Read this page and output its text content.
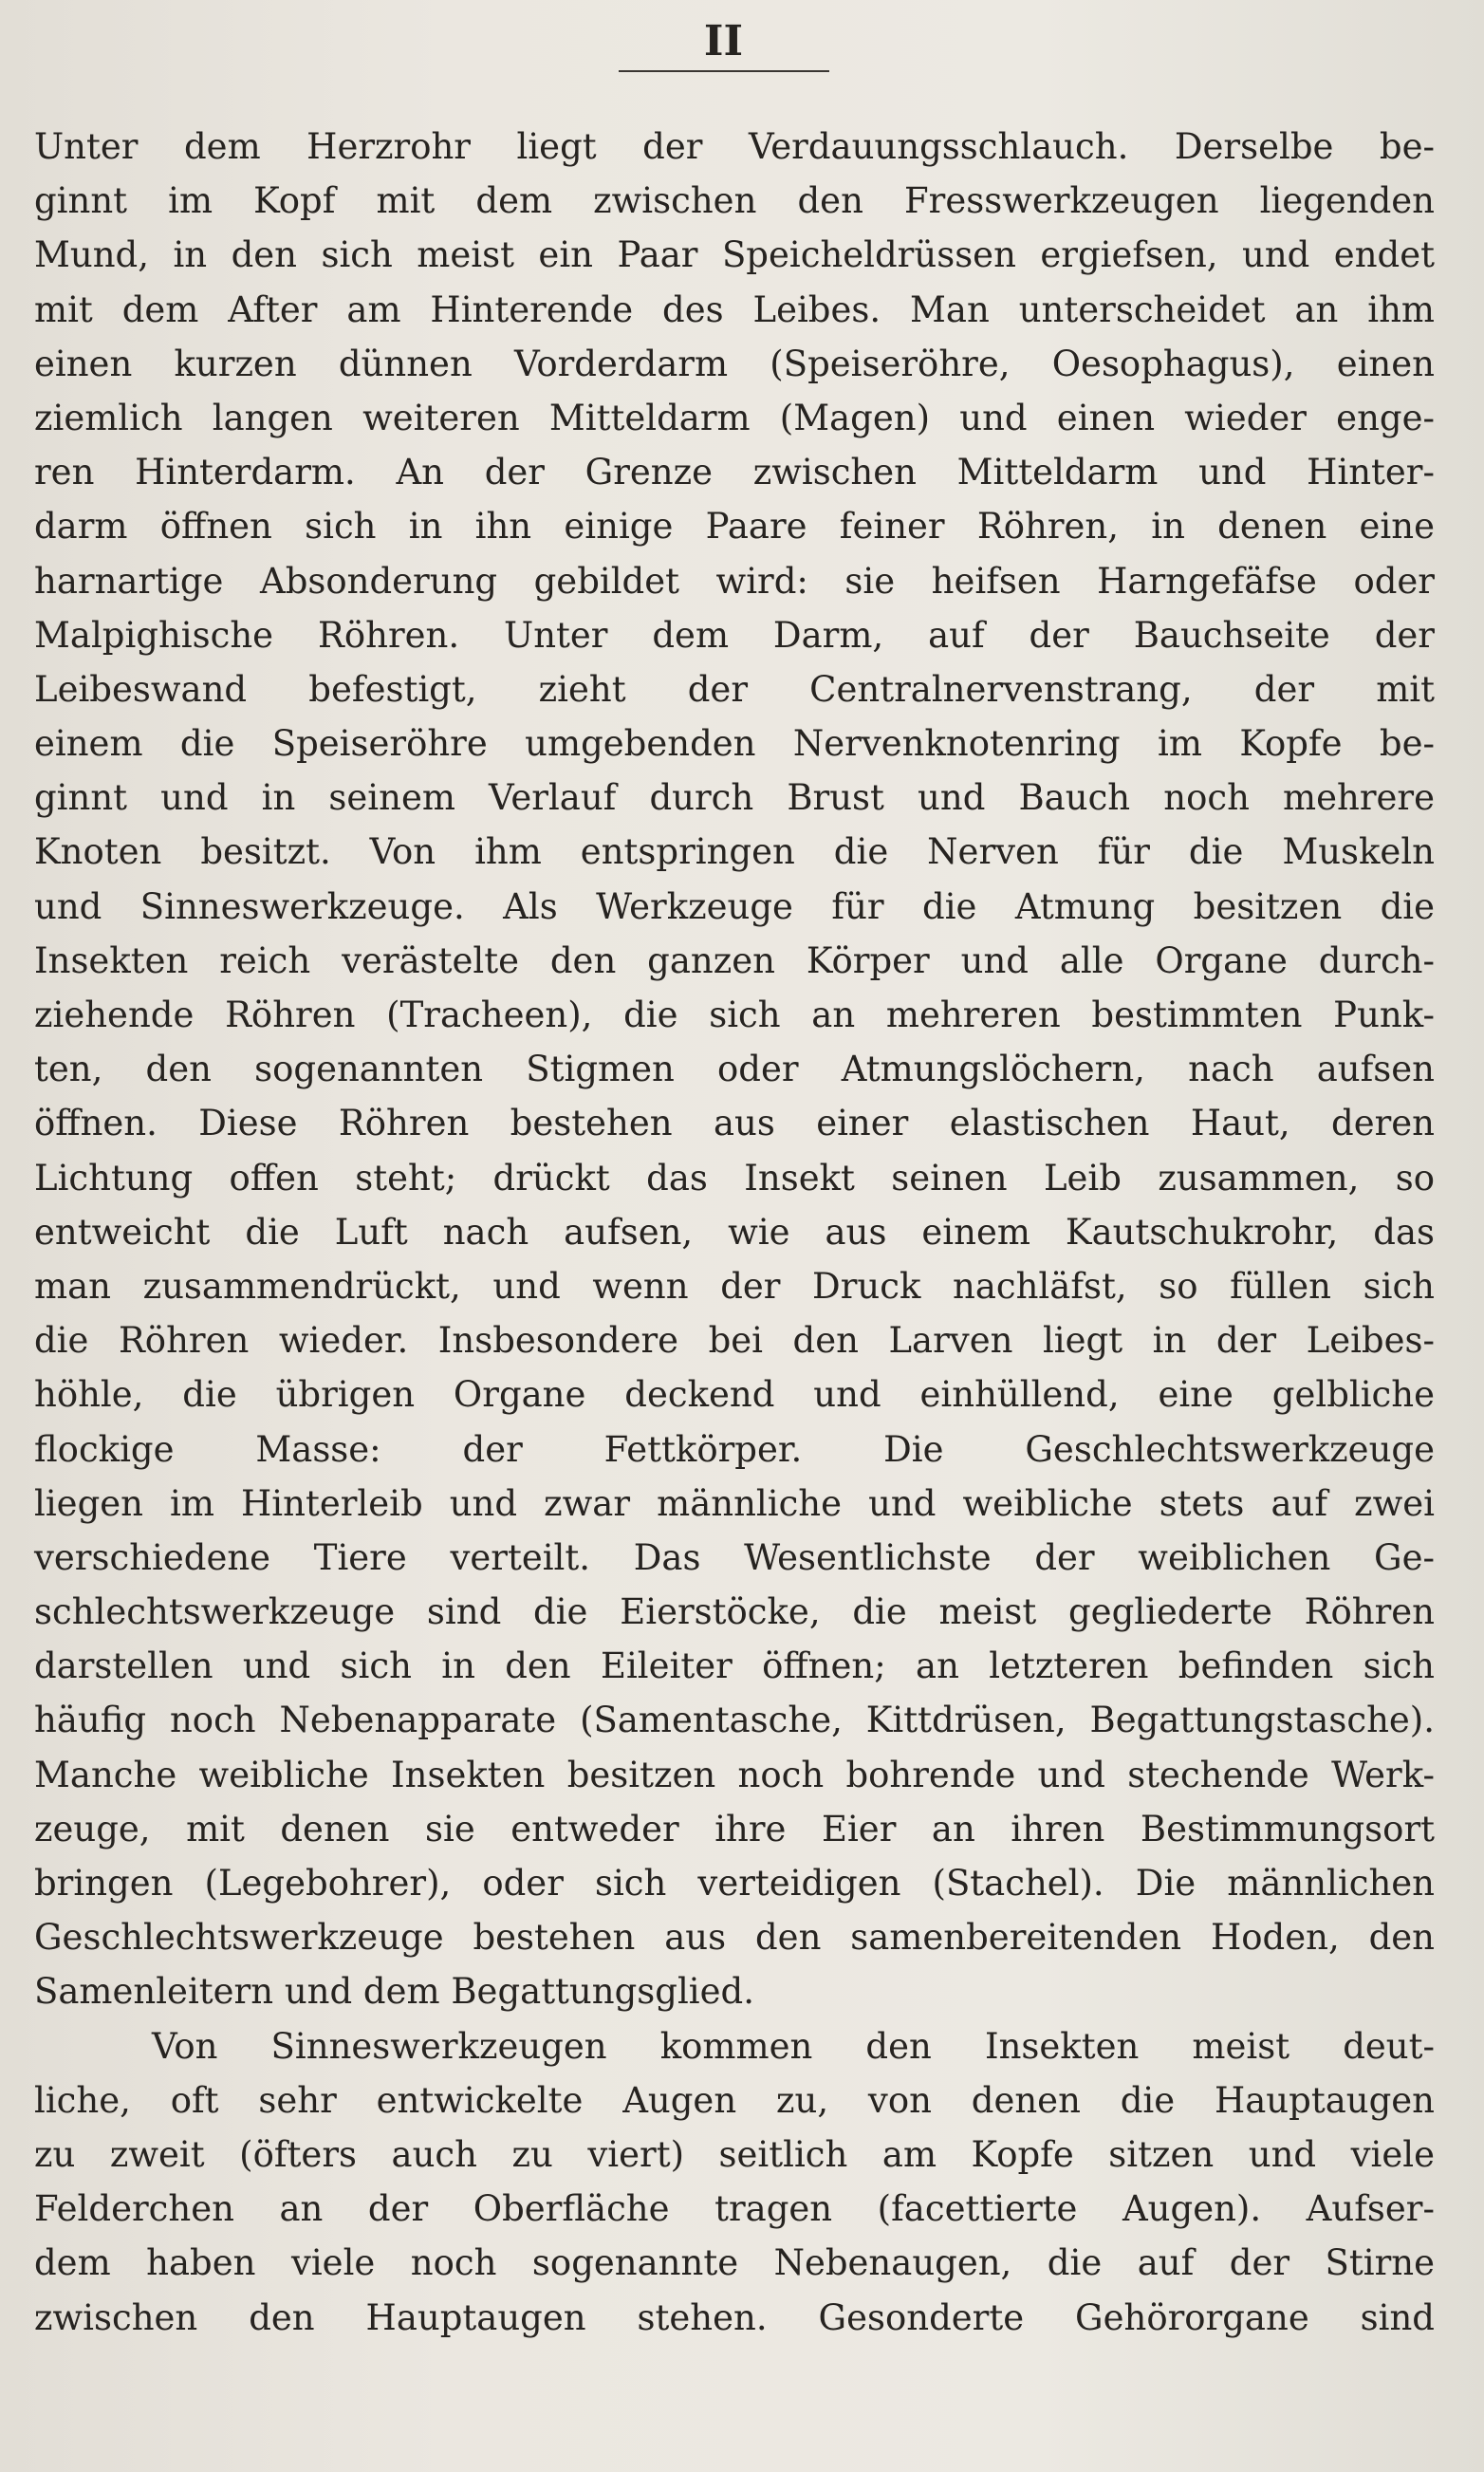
II
Unter dem Herzrohr liegt der Verdauungsschlauch. Derselbe be-
ginnt im Kopf mit dem zwischen den Fresswerkzeugen liegenden
Mund, in den sich meist ein Paar Speicheldrüssen ergiefsen, und endet
mit dem After am Hinterende des Leibes. Man unterscheidet an ihm
einen kurzen dünnen Vorderdarm (Speiseröhre, Oesophagus), einen
ziemlich langen weiteren Mitteldarm (Magen) und einen wieder enge-
ren Hinterdarm. An der Grenze zwischen Mitteldarm und Hinter-
darm öffnen sich in ihn einige Paare feiner Röhren, in denen eine
harnartige Absonderung gebildet wird: sie heifsen Harngefäfse oder
Malpighische Röhren. Unter dem Darm, auf der Bauchseite der
Leibeswand befestigt, zieht der Centralnervenstrang, der mit
einem die Speiseröhre umgebenden Nervenknotenring im Kopfe be-
ginnt und in seinem Verlauf durch Brust und Bauch noch mehrere
Knoten besitzt. Von ihm entspringen die Nerven für die Muskeln
und Sinneswerkzeuge. Als Werkzeuge für die Atmung besitzen die
Insekten reich verästelte den ganzen Körper und alle Organe durch-
ziehende Röhren (Tracheen), die sich an mehreren bestimmten Punk-
ten, den sogenannten Stigmen oder Atmungslöchern, nach aufsen
öffnen. Diese Röhren bestehen aus einer elastischen Haut, deren
Lichtung offen steht; drückt das Insekt seinen Leib zusammen, so
entweicht die Luft nach aufsen, wie aus einem Kautschukrohr, das
man zusammendrückt, und wenn der Druck nachläfst, so füllen sich
die Röhren wieder. Insbesondere bei den Larven liegt in der Leibes-
höhle, die übrigen Organe deckend und einhüllend, eine gelbliche
flockige Masse: der Fettkörper. Die Geschlechtswerkzeuge
liegen im Hinterleib und zwar männliche und weibliche stets auf zwei
verschiedene Tiere verteilt. Das Wesentlichste der weiblichen Ge-
schlechtswerkzeuge sind die Eierstöcke, die meist gegliederte Röhren
darstellen und sich in den Eileiter öffnen; an letzteren befinden sich
häufig noch Nebenapparate (Samentasche, Kittdrüsen, Begattungstasche).
Manche weibliche Insekten besitzen noch bohrende und stechende Werk-
zeuge, mit denen sie entweder ihre Eier an ihren Bestimmungsort
bringen (Legebohrer), oder sich verteidigen (Stachel). Die männlichen
Geschlechtswerkzeuge bestehen aus den samenbereitenden Hoden, den
Samenleitern und dem Begattungsglied.
Von Sinneswerkzeugen kommen den Insekten meist deut-
liche, oft sehr entwickelte Augen zu, von denen die Hauptaugen
zu zweit (öfters auch zu viert) seitlich am Kopfe sitzen und viele
Felderchen an der Oberfläche tragen (facettierte Augen). Aufser-
dem haben viele noch sogenannte Nebenaugen, die auf der Stirne
zwischen den Hauptaugen stehen. Gesonderte Gehörorgane sind
